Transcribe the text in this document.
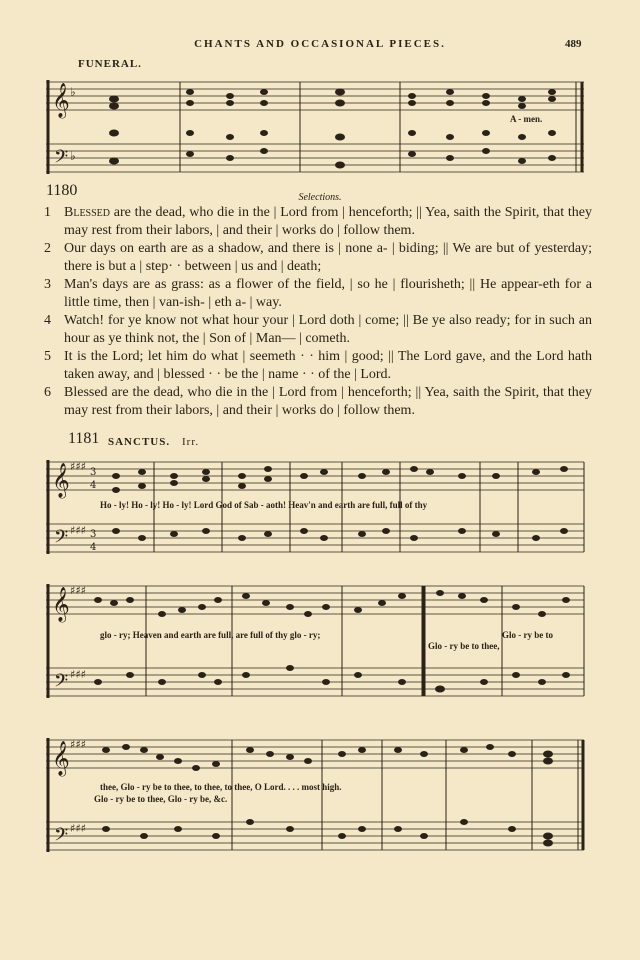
CHANTS AND OCCASIONAL PIECES.	489
FUNERAL.
𝄞
𝄢
♭
♭
A - men.
1180	Selections.
1 Blessed are the dead, who die in the | Lord from | henceforth; || Yea, saith the Spirit, that they may rest from their labors, | and their | works do | follow them.
2 Our days on earth are as a shadow, and there is | none a- | biding; || We are but of yesterday; there is but a | step· · between | us and | death;
3 Man's days are as grass: as a flower of the field, | so he | flourisheth; || He appear-eth for a little time, then | van-ish- | eth a- | way.
4 Watch! for ye know not what hour your | Lord doth | come; || Be ye also ready; for in such an hour as ye think not, the | Son of | Man— | cometh.
5 It is the Lord; let him do what | seemeth · · him | good; || The Lord gave, and the Lord hath taken away, and | blessed · · be the | name · · of the | Lord.
6 Blessed are the dead, who die in the | Lord from | henceforth; || Yea, saith the Spirit, that they may rest from their labors, | and their | works do | follow them.
1181 SANCTUS. Irr.
𝄞
𝄢
♯♯♯
♯♯♯
3
4
3
4
Ho - ly! Ho - ly! Ho - ly! Lord God of Sab - aoth! Heav'n and earth are full, full of thy
𝄞
𝄢
♯♯♯
♯♯♯
glo - ry; Heaven and earth are full, are full of thy glo - ry;	Glo - ry be to
Glo - ry be to thee,
𝄞
𝄢
♯♯♯
♯♯♯
thee, Glo - ry be to thee, to thee, to thee, O Lord. . . . most high.
Glo - ry be to thee, Glo - ry be, &c.
